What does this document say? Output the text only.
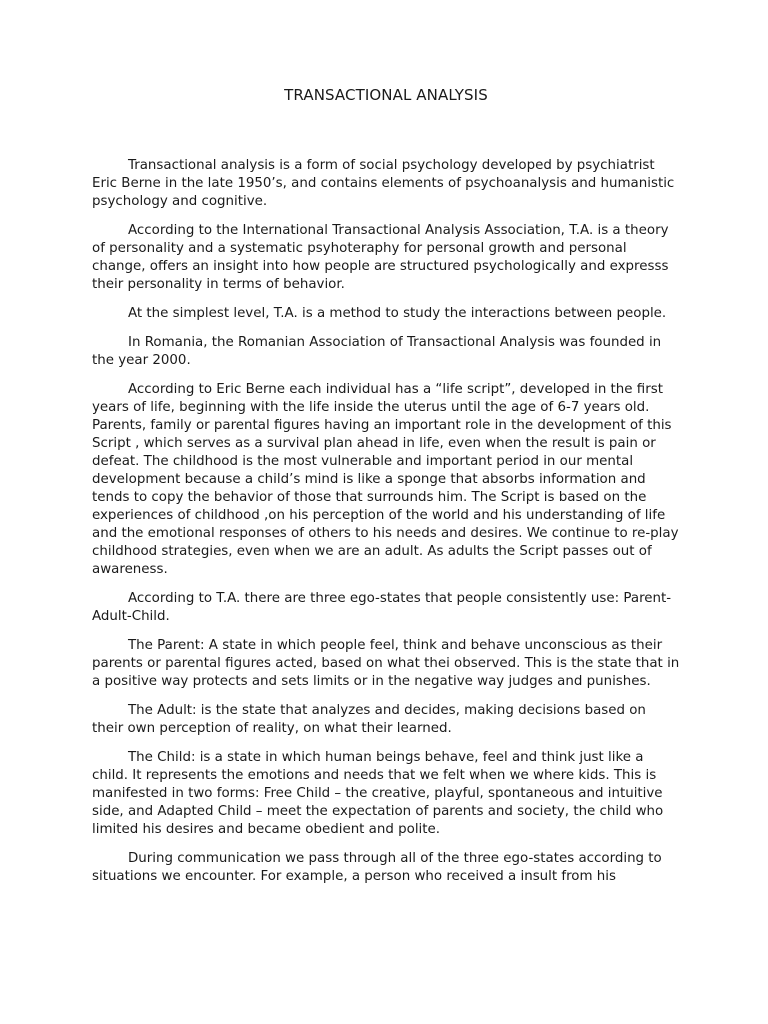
TRANSACTIONAL ANALYSIS

Transactional analysis is a form of social psychology developed by psychiatrist Eric Berne in the late 1950’s, and contains elements of psychoanalysis and humanistic psychology and cognitive.

According to the International Transactional Analysis Association, T.A. is a theory of personality and a systematic psyhoteraphy for personal growth and personal change, offers an insight into how people are structured psychologically and expresss their personality in terms of behavior.

At the simplest level, T.A. is a method to study the interactions between people.

In Romania, the Romanian Association of Transactional Analysis was founded in the year 2000.

According to Eric Berne each individual has a “life script”, developed in the first years of life, beginning with the life inside the uterus until the age of 6-7 years old. Parents, family or parental figures having an important role in the development of this Script , which serves as a survival plan ahead in life, even when the result is pain or defeat. The childhood is the most vulnerable and important period in our mental development because a child’s mind is like a sponge that absorbs information and tends to copy the behavior of those that surrounds him. The Script is based on the experiences of childhood ,on his perception of the world and his understanding of life and the emotional responses of others to his needs and desires. We continue to re-play childhood strategies, even when we are an adult. As adults the Script passes out of awareness.

According to T.A. there are three ego-states that people consistently use: Parent-Adult-Child.

The Parent: A state in which people feel, think and behave unconscious as their parents or parental figures acted, based on what thei observed. This is the state that in a positive way protects and sets limits or in the negative way judges and punishes.

The Adult: is the state that analyzes and decides, making decisions based on their own perception of reality, on what their learned.

The Child: is a state in which human beings behave, feel and think just like a child. It represents the emotions and needs that we felt when we where kids. This is manifested in two forms: Free Child – the creative, playful, spontaneous and intuitive side, and Adapted Child – meet the expectation of parents and society, the child who limited his desires and became obedient and polite.

During communication we pass through all of the three ego-states according to situations we encounter. For example, a person who received a insult from his
